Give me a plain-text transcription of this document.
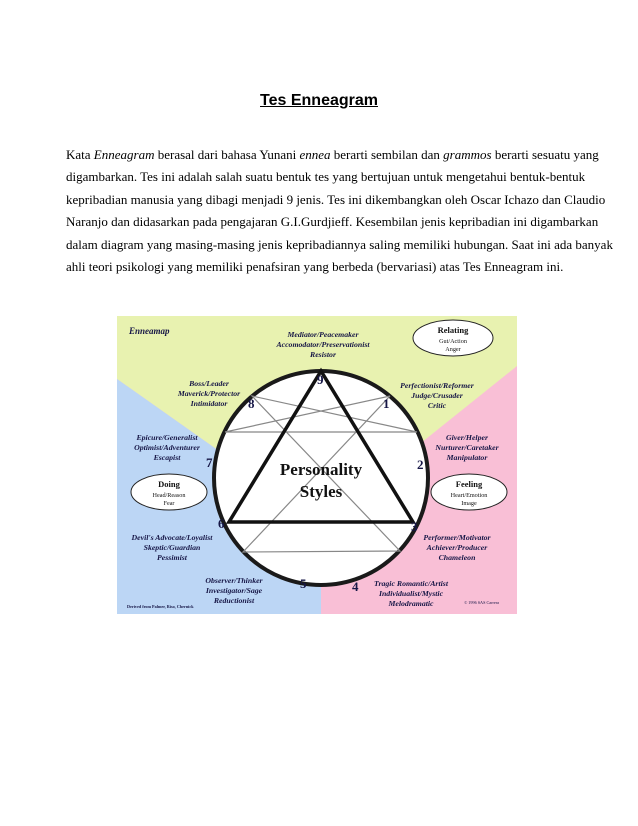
Tes Enneagram
Kata Enneagram berasal dari bahasa Yunani ennea berarti sembilan dan grammos berarti sesuatu yang
digambarkan. Tes ini adalah salah suatu bentuk tes yang bertujuan untuk mengetahui bentuk-bentuk
kepribadian manusia yang dibagi menjadi 9 jenis. Tes ini dikembangkan oleh Oscar Ichazo dan Claudio
Naranjo dan didasarkan pada pengajaran G.I.Gurdjieff. Kesembilan jenis kepribadian ini digambarkan
dalam diagram yang masing-masing jenis kepribadiannya saling memiliki hubungan. Saat ini ada banyak
ahli teori psikologi yang memiliki penafsiran yang berbeda (bervariasi) atas Tes Enneagram ini.
Personality
Styles
Enneamap
9
1
2
3
4
5
6
7
8
Mediator/Peacemaker
Accomodator/Preservationist
Resistor
Perfectionist/Reformer
Judge/Crusader
Critic
Giver/Helper
Nurturer/Caretaker
Manipulator
Performer/Motivator
Achiever/Producer
Chameleon
Tragic Romantic/Artist
Individualist/Mystic
Melodramatic
Observer/Thinker
Investigator/Sage
Reductionist
Devil's Advocate/Loyalist
Skeptic/Guardian
Pessimist
Epicure/Generalist
Optimist/Adventurer
Escapist
Boss/Leader
Maverick/Protector
Intimidator
Relating
Gut/Action
Anger
Feeling
Heart/Emotion
Image
Doing
Head/Reason
Fear
Derived from Palmer, Riso, Chernick
© 1996 SAS Carrera
